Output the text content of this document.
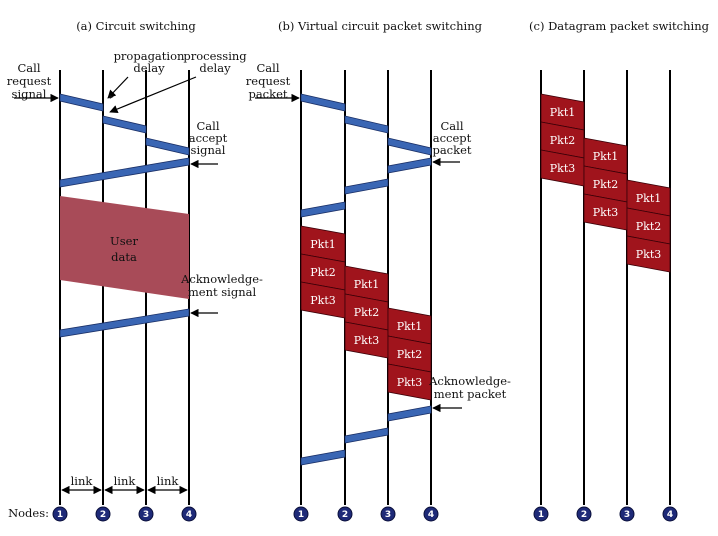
(a) Circuit switching
Call
request
signal
propagation
delay
processing
delay
‣
Call
accept
signal
User
data
Acknowledge-
ment signal
link link link
Nodes: 1	2	3	4
(b) Virtual circuit packet switching
Pkt1
Pkt2
Pkt3
Pkt1
Pkt2
Pkt3
Pkt1
Pkt2
Pkt3
Call
request
packet
Call
accept
packet
Acknowledge-
ment packet
1	2	3	4
(c) Datagram packet switching
Pkt1
Pkt2
Pkt3
Pkt1
Pkt2
Pkt3
Pkt1
Pkt2
Pkt3
1	2	3	4
